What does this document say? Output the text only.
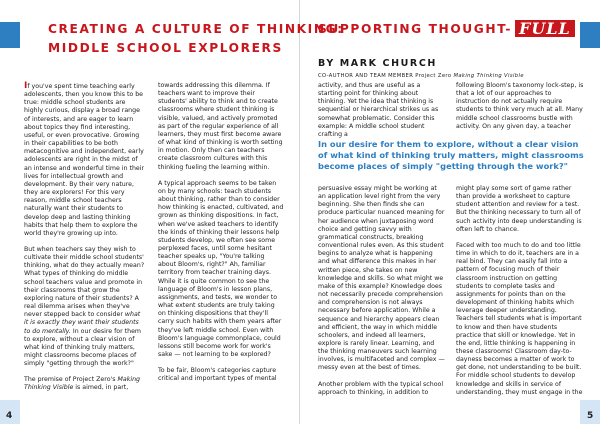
CREATING A CULTURE OF THINKING:
MIDDLE SCHOOL EXPLORERS

If you've spent time teaching early adolescents, then you know this to be true: middle school students are highly curious, display a broad range of interests, and are eager to learn about topics they find interesting, useful, or even provocative. Growing in their capabilities to be both metacognitive and independent, early adolescents are right in the midst of an intense and wonderful time in their lives for intellectual growth and development. By their very nature, they are explorers! For this very reason, middle school teachers naturally want their students to develop deep and lasting thinking habits that help them to explore the world they're growing up into.

But when teachers say they wish to cultivate their middle school students' thinking, what do they actually mean? What types of thinking do middle school teachers value and promote in their classrooms that grow the exploring nature of their students? A real dilemma arises when they've never stepped back to consider what it is exactly they want their students to do mentally. In our desire for them to explore, without a clear vision of what kind of thinking truly matters, might classrooms become places of simply "getting through the work?"

The premise of Project Zero's Making Thinking Visible is aimed, in part,

towards addressing this dilemma. If teachers want to improve their students' ability to think and to create classrooms where student thinking is visible, valued, and actively promoted as part of the regular experience of all learners, they must first become aware of what kind of thinking is worth setting in motion. Only then can teachers create classroom cultures with this thinking fueling the learning within.

A typical approach seems to be taken on by many schools: teach students about thinking, rather than to consider how thinking is enacted, cultivated, and grown as thinking dispositions. In fact, when we've asked teachers to identify the kinds of thinking their lessons help students develop, we often see some perplexed faces, until some hesitant teacher speaks up, "You're talking about Bloom's, right?" Ah, familiar territory from teacher training days. While it is quite common to see the language of Bloom's in lesson plans, assignments, and tests, we wonder to what extent students are truly taking on thinking dispositions that they'll carry such habits with them years after they've left middle school. Even with Bloom's language commonplace, could lessons still become work for work's sake — not learning to be explored?

To be fair, Bloom's categories capture critical and important types of mental

4
SUPPORTING THOUGHT- FULL
BY MARK CHURCH
CO-AUTHOR AND TEAM MEMBER Project Zero Making Thinking Visible

activity, and thus are useful as a starting point for thinking about thinking. Yet the idea that thinking is sequential or hierarchical strikes us as somewhat problematic. Consider this example: A middle school student crafting a

following Bloom's taxonomy lock-step, is that a lot of our approaches to instruction do not actually require students to think very much at all. Many middle school classrooms bustle with activity. On any given day, a teacher

In our desire for them to explore, without a clear vision of what kind of thinking truly matters, might classrooms become places of simply "getting through the work?"

persuasive essay might be working at an application level right from the very beginning. She then finds she can produce particular nuanced meaning for her audience when juxtaposing word choice and getting savvy with grammatical constructs, breaking conventional rules even. As this student begins to analyze what is happening and what difference this makes in her written piece, she takes on new knowledge and skills. So what might we make of this example? Knowledge does not necessarily precede comprehension and comprehension is not always necessary before application. While a sequence and hierarchy appears clean and efficient, the way in which middle schoolers, and indeed all learners, explore is rarely linear. Learning, and the thinking maneuvers such learning involves, is multifaceted and complex — messy even at the best of times.

Another problem with the typical school approach to thinking, in addition to

might play some sort of game rather than provide a worksheet to capture student attention and review for a test. But the thinking necessary to turn all of such activity into deep understanding is often left to chance.

Faced with too much to do and too little time in which to do it, teachers are in a real bind. They can easily fall into a pattern of focusing much of their classroom instruction on getting students to complete tasks and assignments for points than on the development of thinking habits which leverage deeper understanding. Teachers tell students what is important to know and then have students practice that skill or knowledge. Yet in the end, little thinking is happening in these classrooms! Classroom day-to-dayness becomes a matter of work to get done, not understanding to be built. For middle school students to develop knowledge and skills in service of understanding, they must engage in the

5
